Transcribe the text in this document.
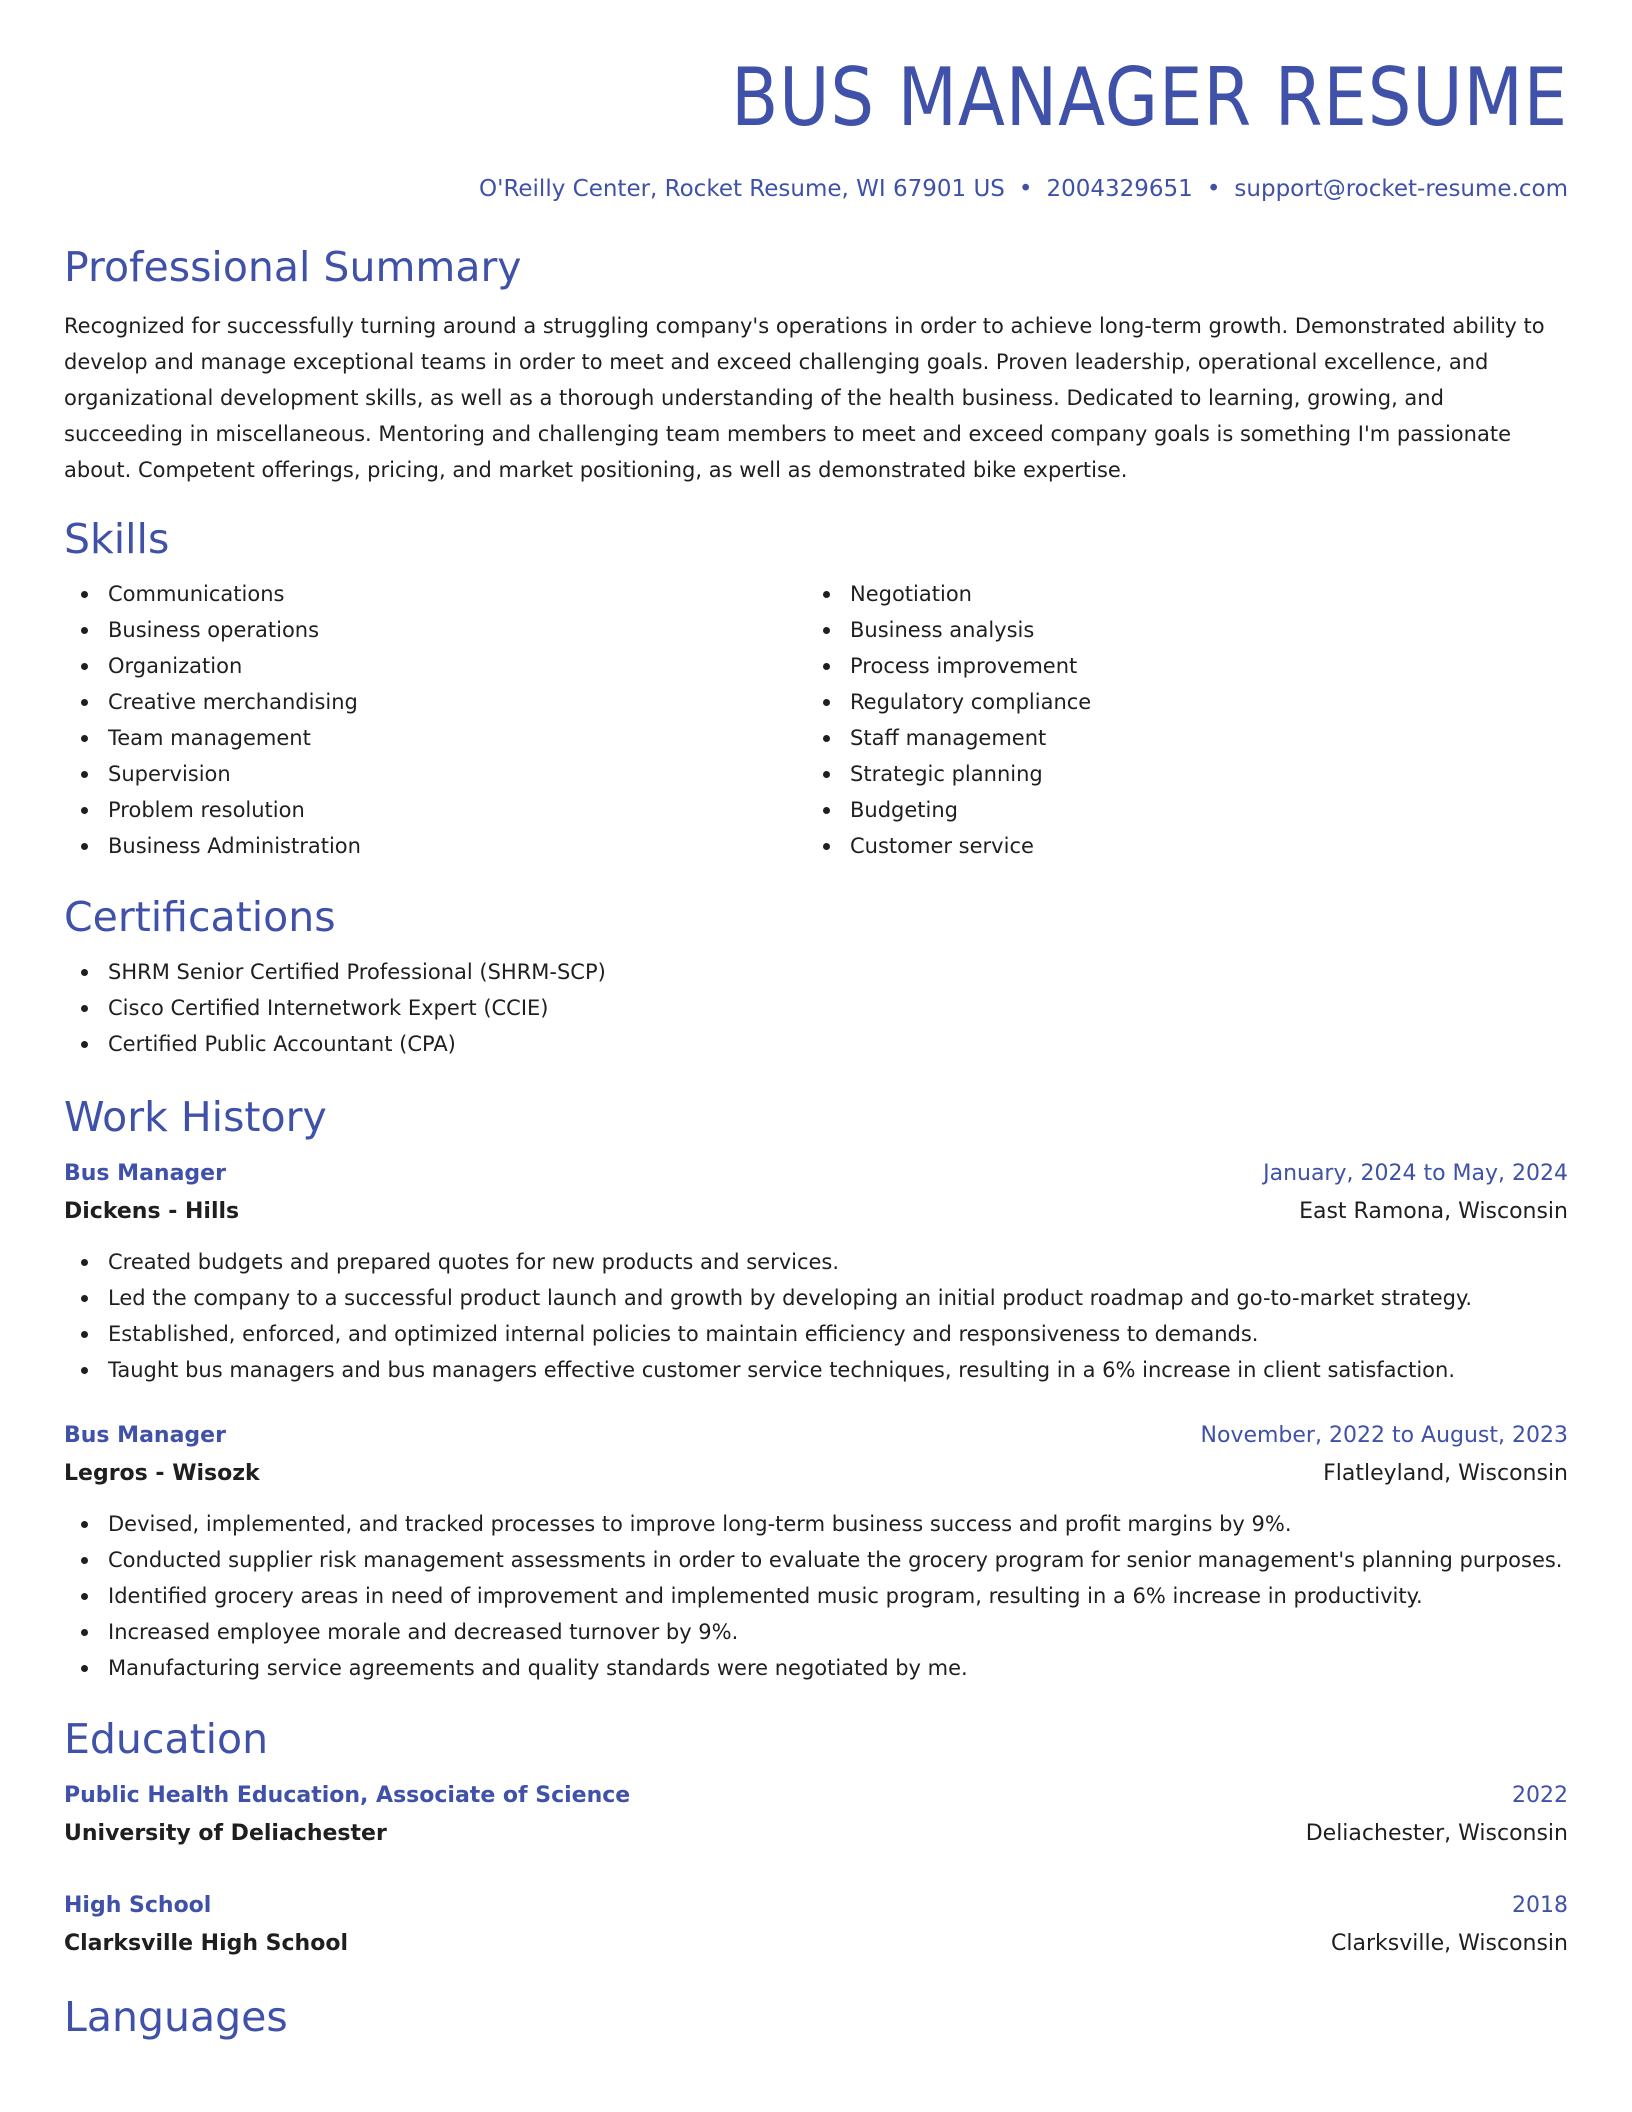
BUS MANAGER RESUME
O'Reilly Center, Rocket Resume, WI 67901 US • 2004329651 • support@rocket-resume.com
Professional Summary

Recognized for successfully turning around a struggling company's operations in order to achieve long-term growth. Demonstrated ability to develop and manage exceptional teams in order to meet and exceed challenging goals. Proven leadership, operational excellence, and organizational development skills, as well as a thorough understanding of the health business. Dedicated to learning, growing, and succeeding in miscellaneous. Mentoring and challenging team members to meet and exceed company goals is something I'm passionate about. Competent offerings, pricing, and market positioning, as well as demonstrated bike expertise.

Skills
Communications
Business operations
Organization
Creative merchandising
Team management
Supervision
Problem resolution
Business Administration
Negotiation
Business analysis
Process improvement
Regulatory compliance
Staff management
Strategic planning
Budgeting
Customer service
Certifications
SHRM Senior Certified Professional (SHRM-SCP)
Cisco Certified Internetwork Expert (CCIE)
Certified Public Accountant (CPA)
Work History
Bus Manager	January, 2024 to May, 2024
Dickens - Hills	East Ramona, Wisconsin
Created budgets and prepared quotes for new products and services.
Led the company to a successful product launch and growth by developing an initial product roadmap and go-to-market strategy.
Established, enforced, and optimized internal policies to maintain efficiency and responsiveness to demands.
Taught bus managers and bus managers effective customer service techniques, resulting in a 6% increase in client satisfaction.
Bus Manager	November, 2022 to August, 2023
Legros - Wisozk	Flatleyland, Wisconsin
Devised, implemented, and tracked processes to improve long-term business success and profit margins by 9%.
Conducted supplier risk management assessments in order to evaluate the grocery program for senior management's planning purposes.
Identified grocery areas in need of improvement and implemented music program, resulting in a 6% increase in productivity.
Increased employee morale and decreased turnover by 9%.
Manufacturing service agreements and quality standards were negotiated by me.
Education
Public Health Education, Associate of Science	2022
University of Deliachester	Deliachester, Wisconsin
High School	2018
Clarksville High School	Clarksville, Wisconsin
Languages
